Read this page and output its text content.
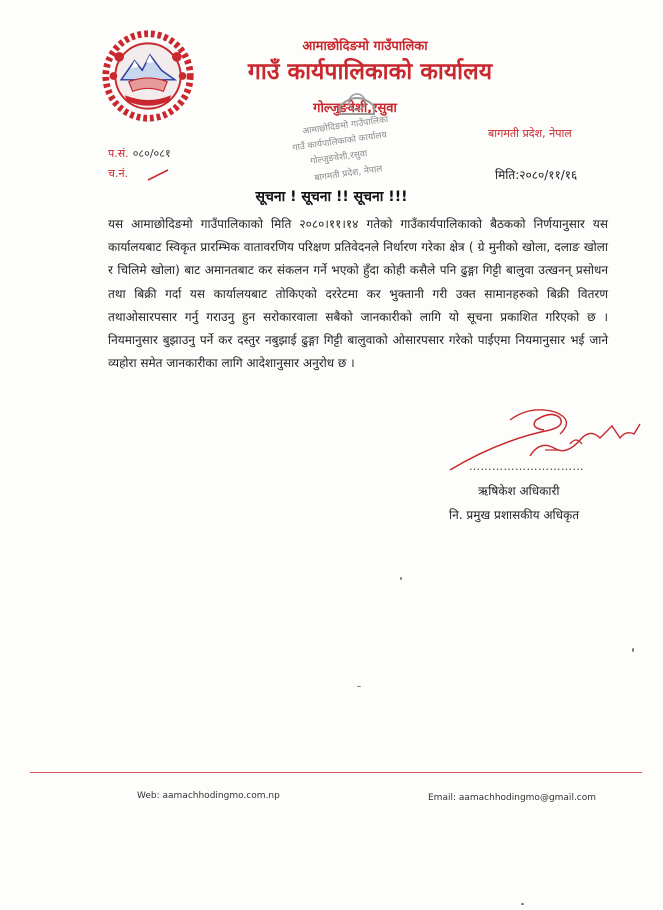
आमाछोदिङमो गाउँपालिका
गाउँ कार्यपालिकाको कार्यालय
गोल्जुङवेशी,रसुवा
बागमती प्रदेश, नेपाल
आमाछोदिङमो गाउँपालिका
गाउँ कार्यपालिकाको कार्यालय
गोल्जुङवेशी,रसुवा
बागमती प्रदेश, नेपाल
प.सं. ०८०/०८१
च.नं.	मिति:२०८०/११/१६
सूचना ! सूचना !! सूचना !!!
यस आमाछोदिङमो गाउँपालिकाको मिति २०८०।११।१४ गतेको गाउँकार्यपालिकाको बैठकको निर्णयानुसार यस कार्यालयबाट स्विकृत प्रारम्भिक वातावरणिय परिक्षण प्रतिवेदनले निर्धारण गरेका क्षेत्र ( ग्रे मुनीको खोला, दलाङ खोला र चिलिमे खोला) बाट अमानतबाट कर संकलन गर्ने भएको हुँदा कोही कसैले पनि ढुङ्गा गिट्टी बालुवा उत्खनन् प्रसोधन तथा बिक्री गर्दा यस कार्यालयबाट तोकिएको दररेटमा कर भुक्तानी गरी उक्त सामानहरुको बिक्री वितरण तथाओसारपसार गर्नु गराउनु हुन सरोकारवाला सबैको जानकारीको लागि यो सूचना प्रकाशित गरिएको छ । नियमानुसार बुझाउनु पर्ने कर दस्तुर नबुझाई ढुङ्गा गिट्टी बालुवाको ओसारपसार गरेको पाईएमा नियमानुसार भई जाने व्यहोरा समेत जानकारीका लागि आदेशानुसार अनुरोध छ ।
…………………………
ऋषिकेश अधिकारी
नि. प्रमुख प्रशासकीय अधिकृत
Web: aamachhodingmo.com.np	Email: aamachhodingmo@gmail.com
